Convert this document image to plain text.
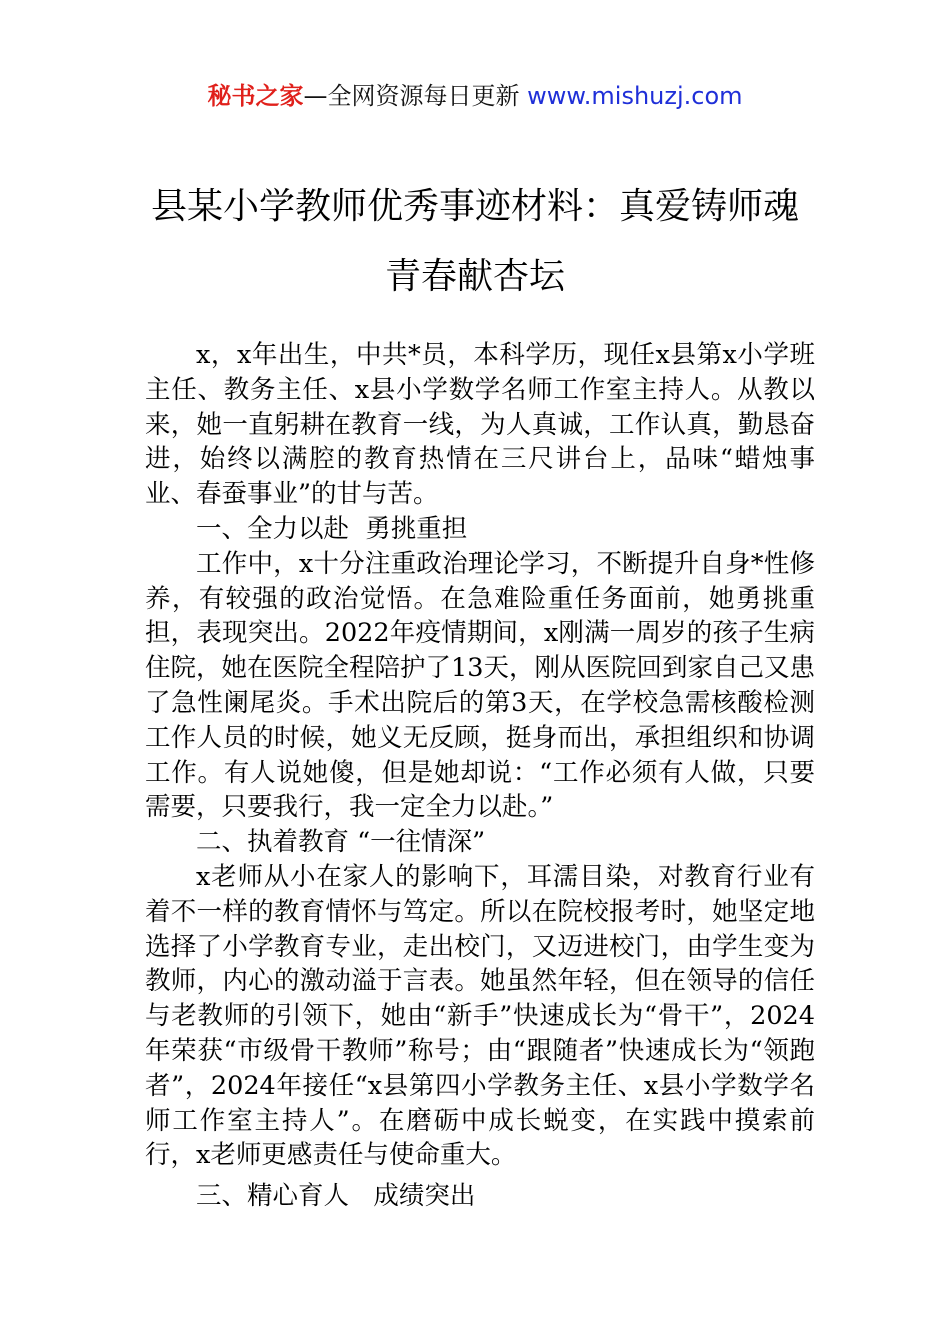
秘书之家—全网资源每日更新 www.mishuzj.com
县某小学教师优秀事迹材料：真爱铸师魂
青春献杏坛

x，x年出生，中共*员，本科学历，现任x县第x小学班主任、教务主任、x县小学数学名师工作室主持人。从教以来，她一直躬耕在教育一线，为人真诚，工作认真，勤恳奋进，始终以满腔的教育热情在三尺讲台上，品味“蜡烛事业、春蚕事业”的甘与苦。

一、全力以赴  勇挑重担

工作中，x十分注重政治理论学习，不断提升自身*性修养，有较强的政治觉悟。在急难险重任务面前，她勇挑重担，表现突出。2022年疫情期间，x刚满一周岁的孩子生病住院，她在医院全程陪护了13天，刚从医院回到家自己又患了急性阑尾炎。手术出院后的第3天，在学校急需核酸检测工作人员的时候，她义无反顾，挺身而出，承担组织和协调工作。有人说她傻，但是她却说：“工作必须有人做，只要需要，只要我行，我一定全力以赴。”

二、执着教育 “一往情深”

x老师从小在家人的影响下，耳濡目染，对教育行业有着不一样的教育情怀与笃定。所以在院校报考时，她坚定地选择了小学教育专业，走出校门，又迈进校门，由学生变为教师，内心的激动溢于言表。她虽然年轻，但在领导的信任与老教师的引领下，她由“新手”快速成长为“骨干”，2024年荣获“市级骨干教师”称号；由“跟随者”快速成长为“领跑者”，2024年接任“x县第四小学教务主任、x县小学数学名师工作室主持人”。在磨砺中成长蜕变，在实践中摸索前行，x老师更感责任与使命重大。

三、精心育人   成绩突出
